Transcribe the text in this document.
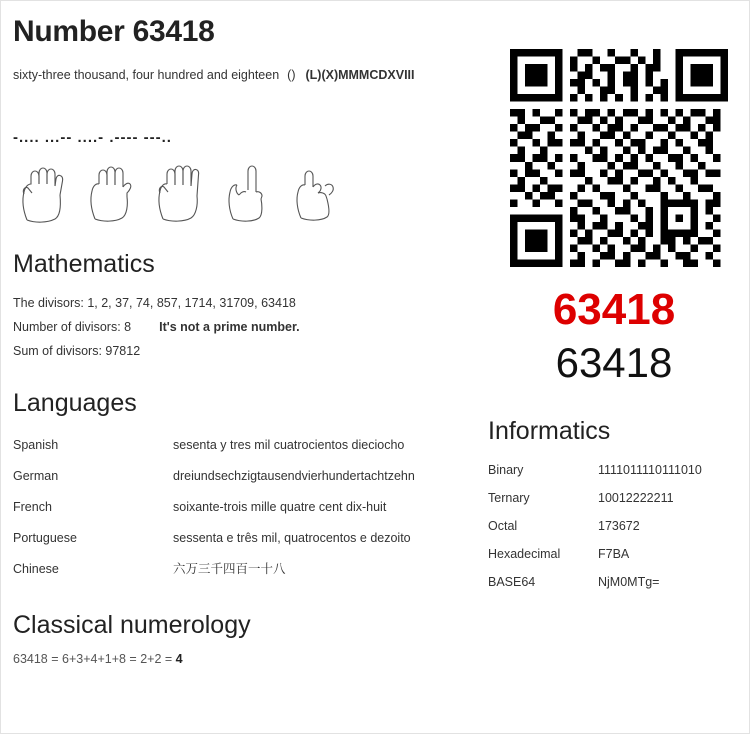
Number 63418
sixty-three thousand, four hundred and eighteen () (L)(X)MMMCDXVIII
-.... ...-- ....- .---- ---..
Mathematics
The divisors: 1, 2, 37, 74, 857, 1714, 31709, 63418
Number of divisors: 8 It's not a prime number.
Sum of divisors: 97812
Languages
Spanish	sesenta y tres mil cuatrocientos dieciocho
German	dreiundsechzigtausendvierhundertachtzehn
French	soixante-trois mille quatre cent dix-huit
Portuguese	sessenta e três mil, quatrocentos e dezoito
Chinese	六万三千四百一十八
Classical numerology
63418 = 6+3+4+1+8 = 2+2 = 4
63418
63418
Informatics
Binary	1111011110111010
Ternary	10012222211
Octal	173672
Hexadecimal	F7BA
BASE64	NjM0MTg=
